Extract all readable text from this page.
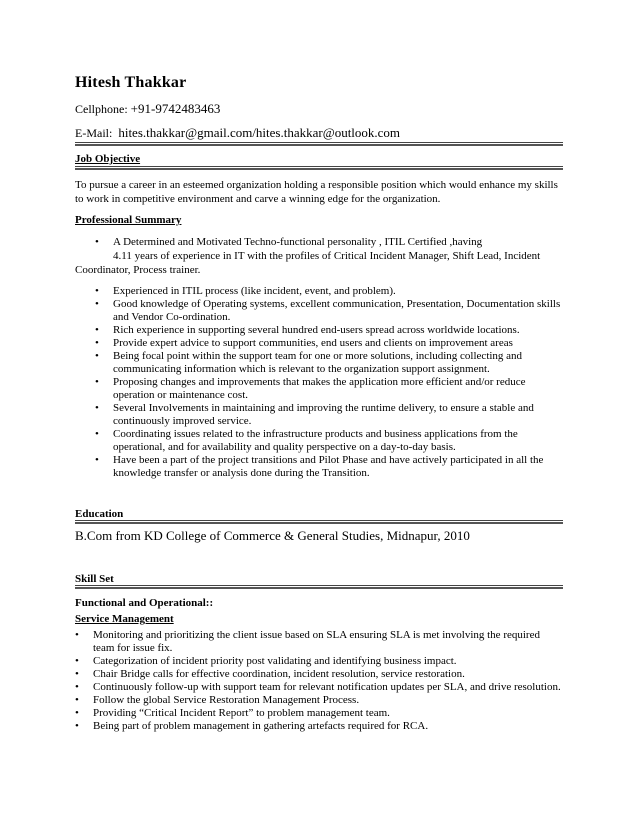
Hitesh Thakkar
Cellphone: +91-9742483463
E-Mail: hites.thakkar@gmail.com/hites.thakkar@outlook.com
Job Objective
To pursue a career in an esteemed organization holding a responsible position which would enhance my skills to work in competitive environment and carve a winning edge for the organization.
Professional Summary
• A Determined and Motivated Techno-functional personality , ITIL Certified ,having
4.11 years of experience in IT with the profiles of Critical Incident Manager, Shift Lead, Incident
Coordinator, Process trainer.
• Experienced in ITIL process (like incident, event, and problem).
• Good knowledge of Operating systems, excellent communication, Presentation, Documentation skills and Vendor Co-ordination.
• Rich experience in supporting several hundred end-users spread across worldwide locations.
• Provide expert advice to support communities, end users and clients on improvement areas
• Being focal point within the support team for one or more solutions, including collecting and communicating information which is relevant to the organization support assignment.
• Proposing changes and improvements that makes the application more efficient and/or reduce operation or maintenance cost.
• Several Involvements in maintaining and improving the runtime delivery, to ensure a stable and continuously improved service.
• Coordinating issues related to the infrastructure products and business applications from the operational, and for availability and quality perspective on a day-to-day basis.
• Have been a part of the project transitions and Pilot Phase and have actively participated in all the knowledge transfer or analysis done during the Transition.
Education
B.Com from KD College of Commerce & General Studies, Midnapur, 2010
Skill Set
Functional and Operational::
Service Management
• Monitoring and prioritizing the client issue based on SLA ensuring SLA is met involving the required team for issue fix.
• Categorization of incident priority post validating and identifying business impact.
• Chair Bridge calls for effective coordination, incident resolution, service restoration.
• Continuously follow-up with support team for relevant notification updates per SLA, and drive resolution.
• Follow the global Service Restoration Management Process.
• Providing “Critical Incident Report” to problem management team.
• Being part of problem management in gathering artefacts required for RCA.
